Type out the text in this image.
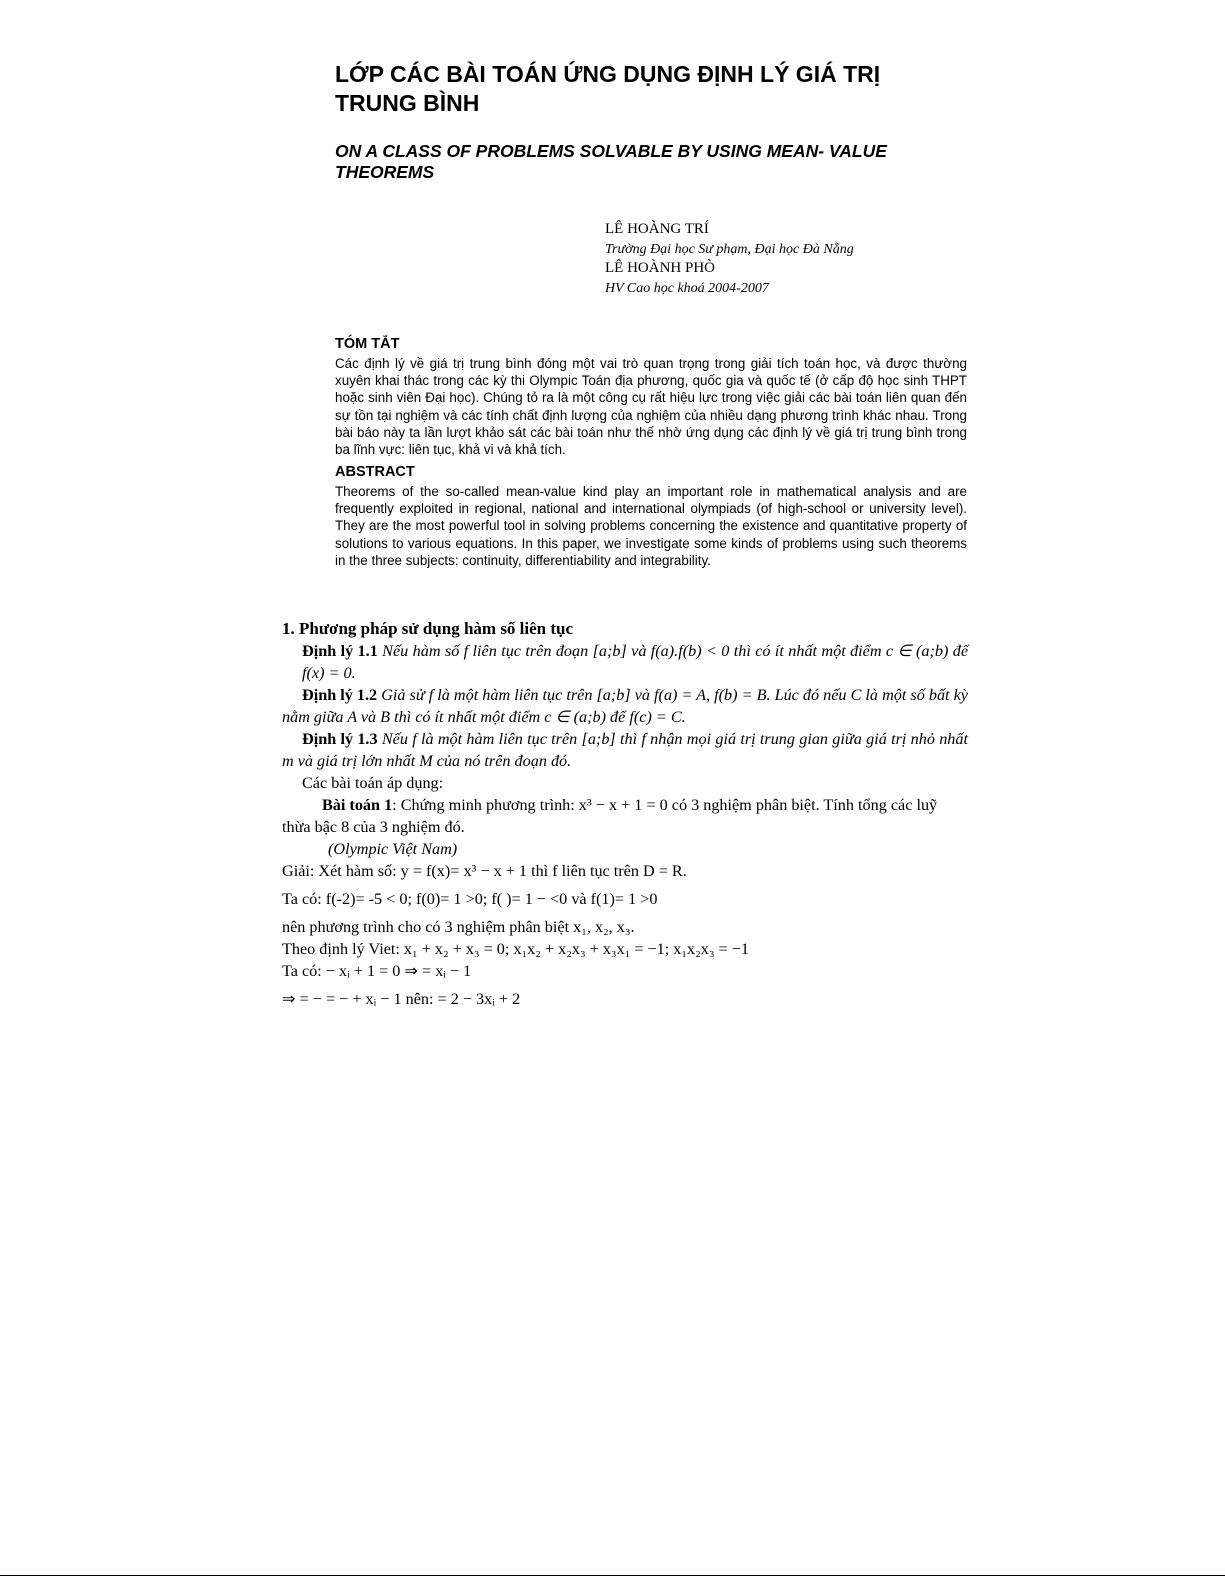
LỚP CÁC BÀI TOÁN ỨNG DỤNG ĐỊNH LÝ GIÁ TRỊ
TRUNG BÌNH
ON A CLASS OF PROBLEMS SOLVABLE BY USING MEAN- VALUE
THEOREMS
LÊ HOÀNG TRÍ
Trường Đại học Sư phạm, Đại học Đà Nẵng
LÊ HOÀNH PHÒ
HV Cao học khoá 2004-2007

TÓM TẮT

Các định lý về giá trị trung bình đóng một vai trò quan trọng trong giải tích toán học, và được thường xuyên khai thác trong các kỳ thi Olympic Toán địa phương, quốc gia và quốc tế (ở cấp độ học sinh THPT hoặc sinh viên Đại học). Chúng tỏ ra là một công cụ rất hiệu lực trong việc giải các bài toán liên quan đến sự tồn tại nghiệm và các tính chất định lượng của nghiệm của nhiều dạng phương trình khác nhau. Trong bài báo này ta lần lượt khảo sát các bài toán như thế nhờ ứng dụng các định lý về giá trị trung bình trong ba lĩnh vực: liên tục, khả vi và khả tích.

ABSTRACT

Theorems of the so-called mean-value kind play an important role in mathematical analysis and are frequently exploited in regional, national and international olympiads (of high-school or university level). They are the most powerful tool in solving problems concerning the existence and quantitative property of solutions to various equations. In this paper, we investigate some kinds of problems using such theorems in the three subjects: continuity, differentiability and integrability.

1. Phương pháp sử dụng hàm số liên tục

Định lý 1.1 Nếu hàm số f liên tục trên đoạn [a;b] và f(a).f(b) < 0 thì có ít nhất một điểm c ∈ (a;b) để f(x) = 0.

Định lý 1.2 Giả sử f là một hàm liên tục trên [a;b] và f(a) = A, f(b) = B. Lúc đó nếu C là một số bất kỳ nằm giữa A và B thì có ít nhất một điểm c ∈ (a;b) để f(c) = C.

Định lý 1.3 Nếu f là một hàm liên tục trên [a;b] thì f nhận mọi giá trị trung gian giữa giá trị nhỏ nhất m và giá trị lớn nhất M của nó trên đoạn đó.

Các bài toán áp dụng:

Bài toán 1: Chứng minh phương trình: x³ − x + 1 = 0 có 3 nghiệm phân biệt. Tính tổng các luỹ thừa bậc 8 của 3 nghiệm đó.

(Olympic Việt Nam)

Giải: Xét hàm số: y = f(x)= x³ − x + 1 thì f liên tục trên D = R.

Ta có: f(-2)= -5 < 0; f(0)= 1 >0; f( )= 1 − <0 và f(1)= 1 >0

nên phương trình cho có 3 nghiệm phân biệt x₁, x₂, x₃.

Theo định lý Viet: x₁ + x₂ + x₃ = 0; x₁x₂ + x₂x₃ + x₃x₁ = −1; x₁x₂x₃ = −1

Ta có: − xᵢ + 1 = 0 ⇒ = xᵢ − 1

⇒ = − = − + xᵢ − 1 nên: = 2 − 3xᵢ + 2
